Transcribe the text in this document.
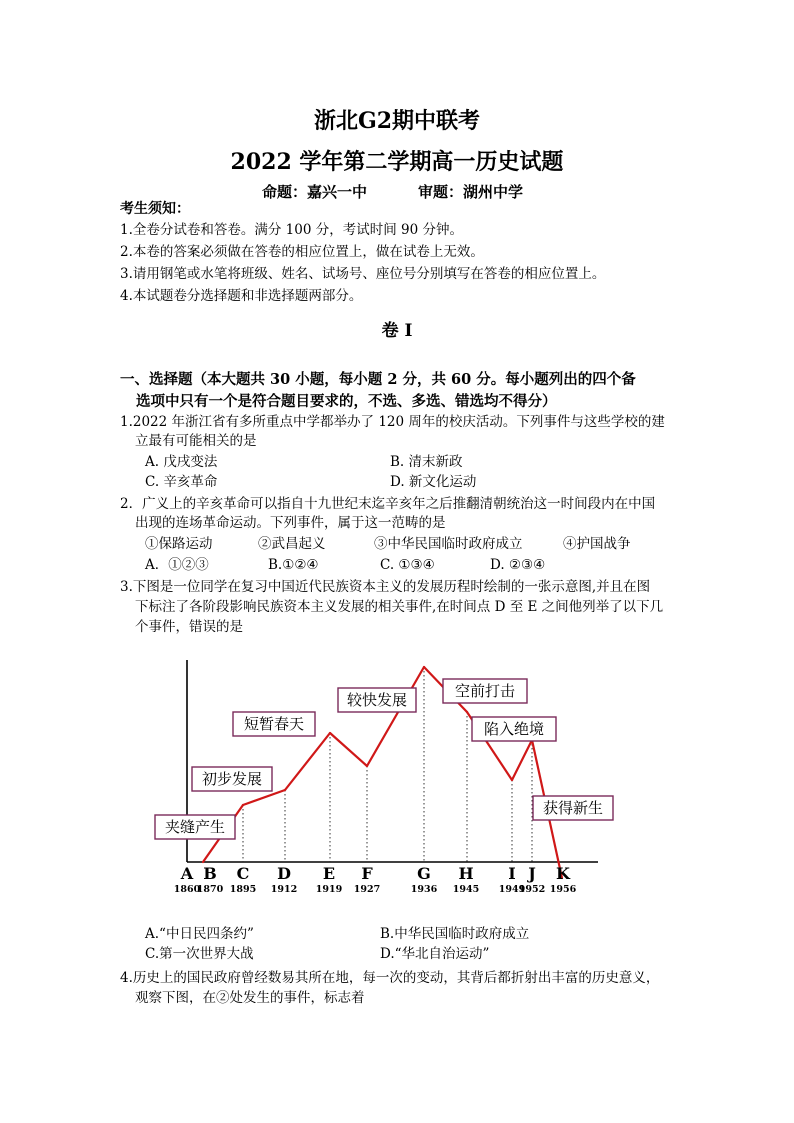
浙北G2期中联考
2022 学年第二学期高一历史试题
命题：嘉兴一中	审题：湖州中学
考生须知：
1.全卷分试卷和答卷。满分 100 分，考试时间 90 分钟。
2.本卷的答案必须做在答卷的相应位置上，做在试卷上无效。
3.请用钢笔或水笔将班级、姓名、试场号、座位号分别填写在答卷的相应位置上。
4.本试题卷分选择题和非选择题两部分。
卷 I
一、选择题（本大题共 30 小题，每小题 2 分，共 60 分。每小题列出的四个备
选项中只有一个是符合题目要求的，不选、多选、错选均不得分）
1.2022 年浙江省有多所重点中学都举办了 120 周年的校庆活动。下列事件与这些学校的建
立最有可能相关的是
A. 戊戌变法	B. 清末新政
C. 辛亥革命	D. 新文化运动
2．广义上的辛亥革命可以指自十九世纪末迄辛亥年之后推翻清朝统治这一时间段内在中国
出现的连场革命运动。下列事件，属于这一范畴的是
①保路运动	②武昌起义	③中华民国临时政府成立	④护国战争
A．①②③	B.①②④	C. ①③④	D. ②③④
3.下图是一位同学在复习中国近代民族资本主义的发展历程时绘制的一张示意图,并且在图
下标注了各阶段影响民族资本主义发展的相关事件,在时间点 D 至 E 之间他列举了以下几
个事件，错误的是
夹缝产生
初步发展
短暂春天
较快发展	空前打击
陷入绝境
获得新生
A B C D E F	G H I J K
1860
1870 1895 1912 1919 1927	1936 1945 1949
1952 1956
A.“中日民四条约”	B.中华民国临时政府成立
C.第一次世界大战	D.“华北自治运动”
4.历史上的国民政府曾经数易其所在地，每一次的变动，其背后都折射出丰富的历史意义，
观察下图，在②处发生的事件，标志着
